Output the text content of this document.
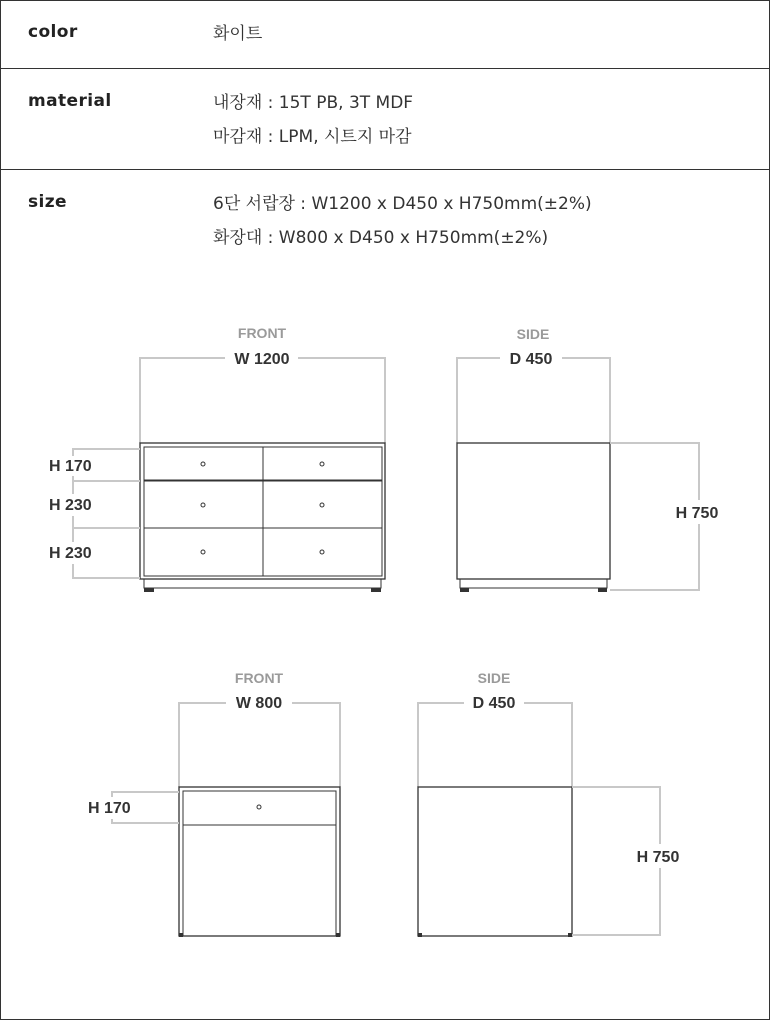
color	화이트
material	내장재 : 15T PB, 3T MDF
마감재 : LPM, 시트지 마감
size	6단 서랍장 : W1200 x D450 x H750mm(±2%)
화장대 : W800 x D450 x H750mm(±2%)
FRONT
W 1200
H 170
H 230
H 230
SIDE
D 450
H 750
FRONT
W 800
H 170
SIDE
D 450
H 750
